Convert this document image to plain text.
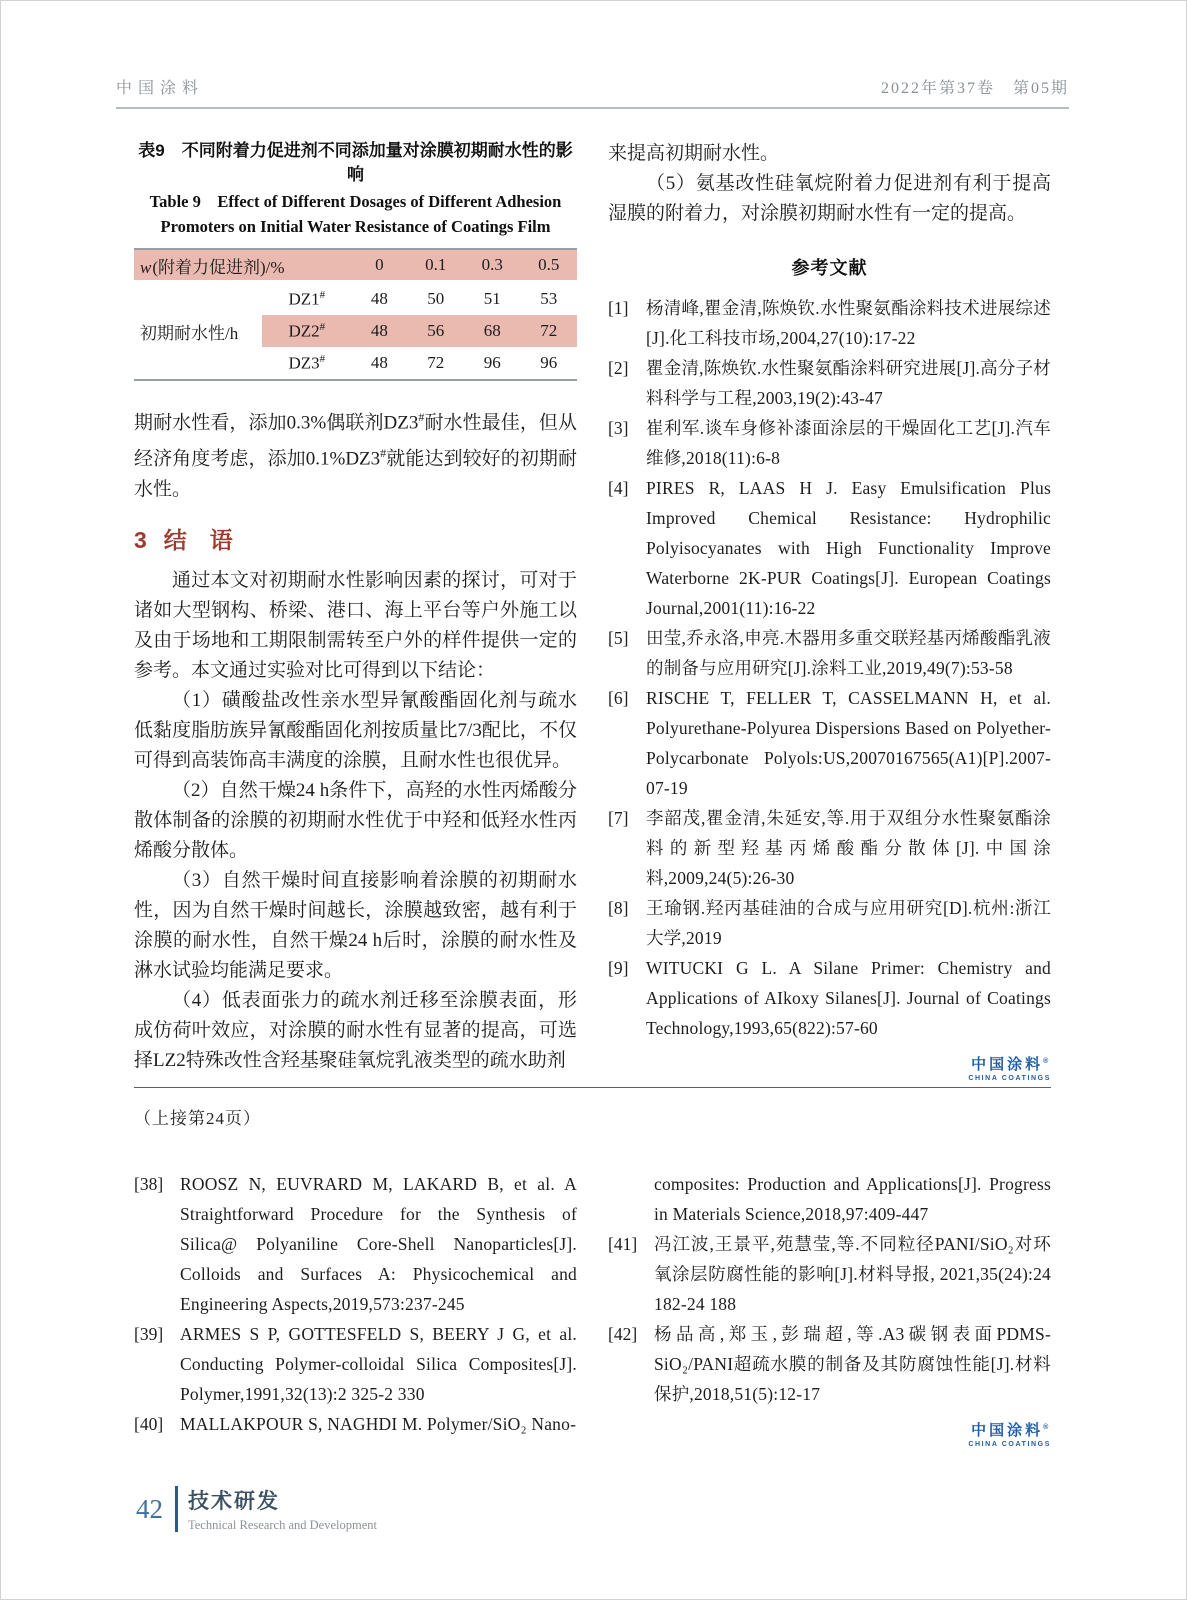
中国涂料	2022年第37卷　第05期
表9　不同附着力促进剂不同添加量对涂膜初期耐水性的影响
Table 9　Effect of Different Dosages of Different Adhesion Promoters on Initial Water Resistance of Coatings Film
w(附着力促进剂)/%		0	0.1	0.3	0.5
初期耐水性/h	DZ1#	48	50	51	53
	DZ2#	48	56	68	72
	DZ3#	48	72	96	96

期耐水性看，添加0.3%偶联剂DZ3#耐水性最佳，但从经济角度考虑，添加0.1%DZ3#就能达到较好的初期耐水性。

3 结　语

通过本文对初期耐水性影响因素的探讨，可对于诸如大型钢构、桥梁、港口、海上平台等户外施工以及由于场地和工期限制需转至户外的样件提供一定的参考。本文通过实验对比可得到以下结论：

（1）磺酸盐改性亲水型异氰酸酯固化剂与疏水低黏度脂肪族异氰酸酯固化剂按质量比7/3配比，不仅可得到高装饰高丰满度的涂膜，且耐水性也很优异。

（2）自然干燥24 h条件下，高羟的水性丙烯酸分散体制备的涂膜的初期耐水性优于中羟和低羟水性丙烯酸分散体。

（3）自然干燥时间直接影响着涂膜的初期耐水性，因为自然干燥时间越长，涂膜越致密，越有利于涂膜的耐水性，自然干燥24 h后时，涂膜的耐水性及淋水试验均能满足要求。

（4）低表面张力的疏水剂迁移至涂膜表面，形成仿荷叶效应，对涂膜的耐水性有显著的提高，可选择LZ2特殊改性含羟基聚硅氧烷乳液类型的疏水助剂

来提高初期耐水性。

（5）氨基改性硅氧烷附着力促进剂有利于提高湿膜的附着力，对涂膜初期耐水性有一定的提高。

参考文献
[1]	杨清峰,瞿金清,陈焕钦.水性聚氨酯涂料技术进展综述[J].化工科技市场,2004,27(10):17-22
[2]	瞿金清,陈焕钦.水性聚氨酯涂料研究进展[J].高分子材料科学与工程,2003,19(2):43-47
[3]	崔利军.谈车身修补漆面涂层的干燥固化工艺[J].汽车维修,2018(11):6-8
[4]	PIRES R, LAAS H J. Easy Emulsification Plus Improved Chemical Resistance: Hydrophilic Polyisocyanates with High Functionality Improve Waterborne 2K-PUR Coatings[J]. European Coatings Journal,2001(11):16-22
[5]	田莹,乔永洛,申亮.木器用多重交联羟基丙烯酸酯乳液的制备与应用研究[J].涂料工业,2019,49(7):53-58
[6]	RISCHE T, FELLER T, CASSELMANN H, et al. Polyurethane-Polyurea Dispersions Based on Polyether-Polycarbonate Polyols:US,20070167565(A1)[P].2007-07-19
[7]	李韶茂,瞿金清,朱延安,等.用于双组分水性聚氨酯涂料的新型羟基丙烯酸酯分散体[J].中国涂料,2009,24(5):26-30
[8]	王瑜钢.羟丙基硅油的合成与应用研究[D].杭州:浙江大学,2019
[9]	WITUCKI G L. A Silane Primer: Chemistry and Applications of AIkoxy Silanes[J]. Journal of Coatings Technology,1993,65(822):57-60
中国涂料®
CHINA COATINGS
（上接第24页）
[38] ROOSZ N, EUVRARD M, LAKARD B, et al. A Straightforward Procedure for the Synthesis of Silica@ Polyaniline Core-Shell Nanoparticles[J]. Colloids and Surfaces A: Physicochemical and Engineering Aspects,2019,573:237-245
[39] ARMES S P, GOTTESFELD S, BEERY J G, et al. Conducting Polymer-colloidal Silica Composites[J]. Polymer,1991,32(13):2 325-2 330
[40] MALLAKPOUR S, NAGHDI M. Polymer/SiO₂ Nano-
composites: Production and Applications[J]. Progress in Materials Science,2018,97:409-447
[41] 冯江波,王景平,苑慧莹,等.不同粒径PANI/SiO₂对环氧涂层防腐性能的影响[J].材料导报, 2021,35(24):24 182-24 188
[42] 杨品高,郑玉,彭瑞超,等.A3碳钢表面PDMS-SiO₂/PANI超疏水膜的制备及其防腐蚀性能[J].材料保护,2018,51(5):12-17
中国涂料®
CHINA COATINGS
42 技术研发
Technical Research and Development
